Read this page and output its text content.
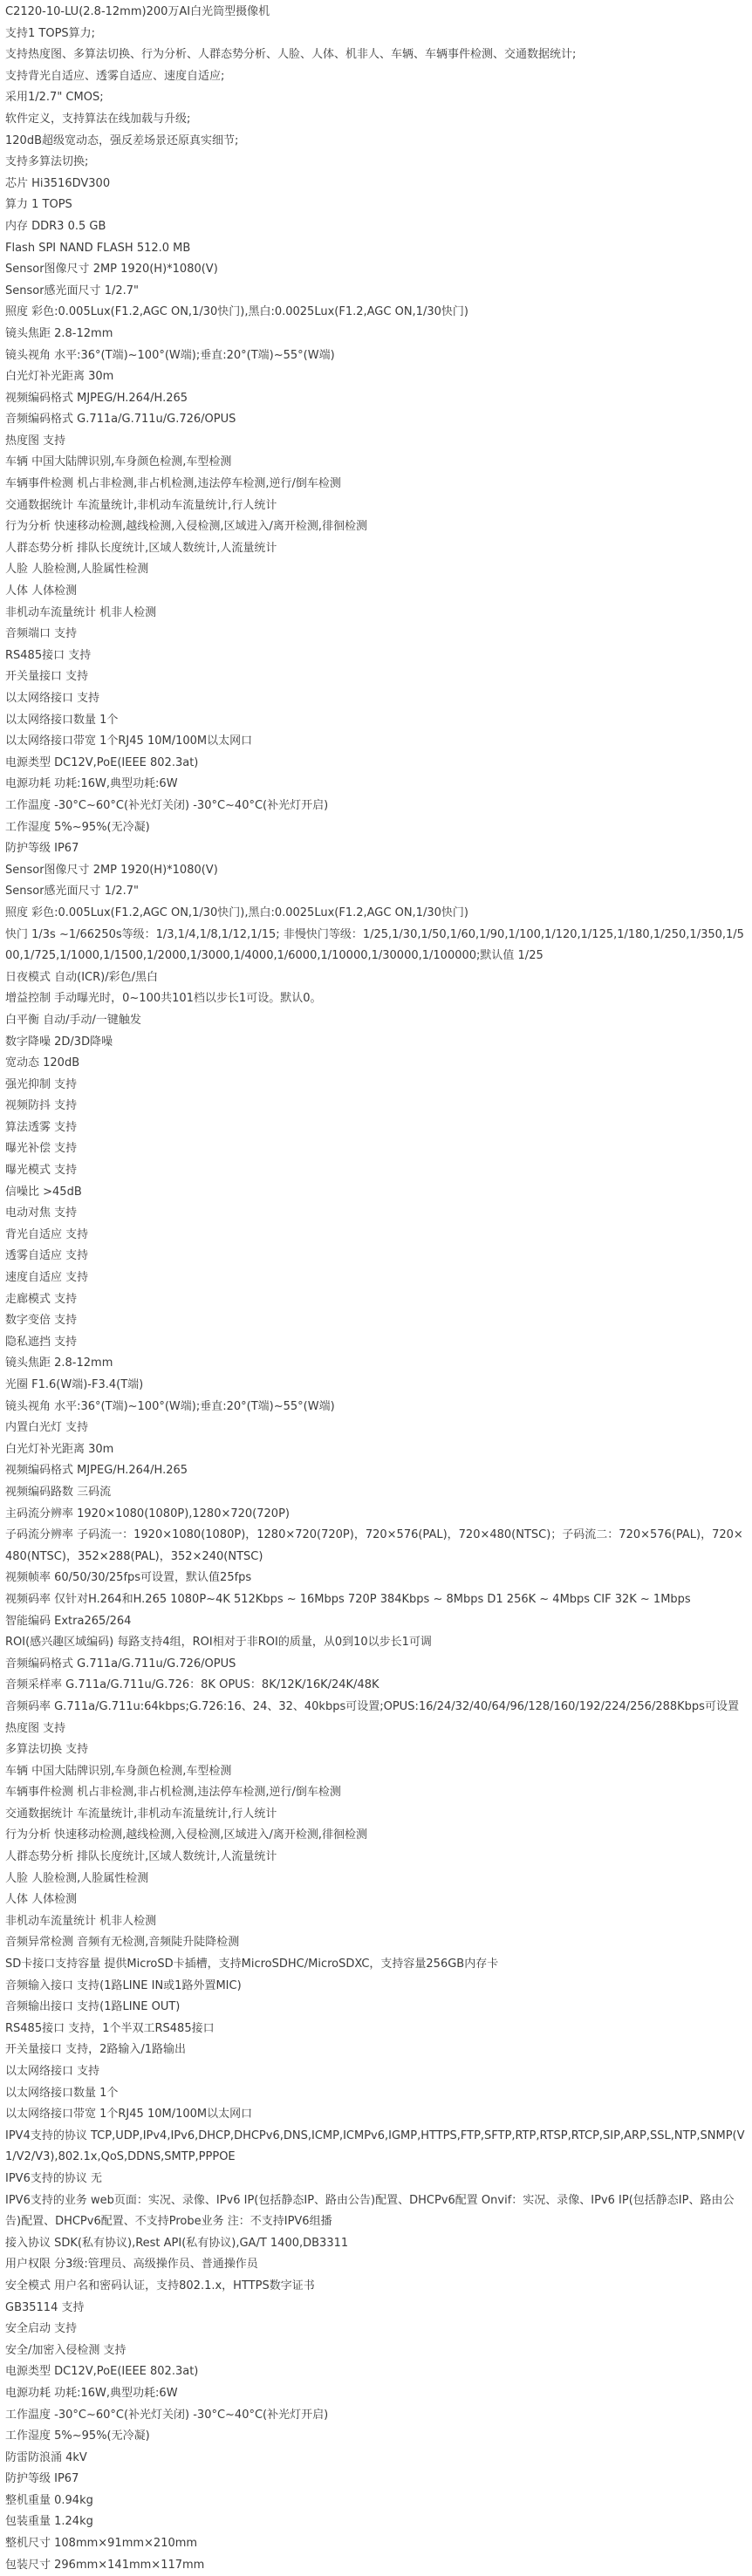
C2120-10-LU(2.8-12mm)200万AI白光筒型摄像机

支持1 TOPS算力;

支持热度图、多算法切换、行为分析、人群态势分析、人脸、人体、机非人、车辆、车辆事件检测、交通数据统计;

支持背光自适应、透雾自适应、速度自适应;

采用1/2.7" CMOS;

软件定义，支持算法在线加载与升级;

120dB超级宽动态，强反差场景还原真实细节;

支持多算法切换;

芯片 Hi3516DV300

算力 1 TOPS

内存 DDR3 0.5 GB

Flash SPI NAND FLASH 512.0 MB

Sensor图像尺寸 2MP 1920(H)*1080(V)

Sensor感光面尺寸 1/2.7"

照度 彩色:0.005Lux(F1.2,AGC ON,1/30快门),黑白:0.0025Lux(F1.2,AGC ON,1/30快门)

镜头焦距 2.8-12mm

镜头视角 水平:36°(T端)~100°(W端);垂直:20°(T端)~55°(W端)

白光灯补光距离 30m

视频编码格式 MJPEG/H.264/H.265

音频编码格式 G.711a/G.711u/G.726/OPUS

热度图 支持

车辆 中国大陆牌识别,车身颜色检测,车型检测

车辆事件检测 机占非检测,非占机检测,违法停车检测,逆行/倒车检测

交通数据统计 车流量统计,非机动车流量统计,行人统计

行为分析 快速移动检测,越线检测,入侵检测,区域进入/离开检测,徘徊检测

人群态势分析 排队长度统计,区域人数统计,人流量统计

人脸 人脸检测,人脸属性检测

人体 人体检测

非机动车流量统计 机非人检测

音频端口 支持

RS485接口 支持

开关量接口 支持

以太网络接口 支持

以太网络接口数量 1个

以太网络接口带宽 1个RJ45 10M/100M以太网口

电源类型 DC12V,PoE(IEEE 802.3at)

电源功耗 功耗:16W,典型功耗:6W

工作温度 -30°C~60°C(补光灯关闭) -30°C~40°C(补光灯开启)

工作湿度 5%~95%(无冷凝)

防护等级 IP67

Sensor图像尺寸 2MP 1920(H)*1080(V)

Sensor感光面尺寸 1/2.7"

照度 彩色:0.005Lux(F1.2,AGC ON,1/30快门),黑白:0.0025Lux(F1.2,AGC ON,1/30快门)

快门 1/3s ~1/66250s等级：1/3,1/4,1/8,1/12,1/15; 非慢快门等级：1/25,1/30,1/50,1/60,1/90,1/100,1/120,1/125,1/180,1/250,1/350,1/500,1/725,1/1000,1/1500,1/2000,1/3000,1/4000,1/6000,1/10000,1/30000,1/100000;默认值 1/25

日夜模式 自动(ICR)/彩色/黑白

增益控制 手动曝光时，0~100共101档以步长1可设。默认0。

白平衡 自动/手动/一键触发

数字降噪 2D/3D降噪

宽动态 120dB

强光抑制 支持

视频防抖 支持

算法透雾 支持

曝光补偿 支持

曝光模式 支持

信噪比 >45dB

电动对焦 支持

背光自适应 支持

透雾自适应 支持

速度自适应 支持

走廊模式 支持

数字变倍 支持

隐私遮挡 支持

镜头焦距 2.8-12mm

光圈 F1.6(W端)-F3.4(T端)

镜头视角 水平:36°(T端)~100°(W端);垂直:20°(T端)~55°(W端)

内置白光灯 支持

白光灯补光距离 30m

视频编码格式 MJPEG/H.264/H.265

视频编码路数 三码流

主码流分辨率 1920×1080(1080P),1280×720(720P)

子码流分辨率 子码流一：1920×1080(1080P)，1280×720(720P)，720×576(PAL)，720×480(NTSC)；子码流二：720×576(PAL)，720×480(NTSC)，352×288(PAL)，352×240(NTSC)

视频帧率 60/50/30/25fps可设置，默认值25fps

视频码率 仅针对H.264和H.265 1080P~4K 512Kbps ~ 16Mbps 720P 384Kbps ~ 8Mbps D1 256K ~ 4Mbps CIF 32K ~ 1Mbps

智能编码 Extra265/264

ROI(感兴趣区域编码) 每路支持4组，ROI相对于非ROI的质量，从0到10以步长1可调

音频编码格式 G.711a/G.711u/G.726/OPUS

音频采样率 G.711a/G.711u/G.726：8K OPUS：8K/12K/16K/24K/48K

音频码率 G.711a/G.711u:64kbps;G.726:16、24、32、40kbps可设置;OPUS:16/24/32/40/64/96/128/160/192/224/256/288Kbps可设置

热度图 支持

多算法切换 支持

车辆 中国大陆牌识别,车身颜色检测,车型检测

车辆事件检测 机占非检测,非占机检测,违法停车检测,逆行/倒车检测

交通数据统计 车流量统计,非机动车流量统计,行人统计

行为分析 快速移动检测,越线检测,入侵检测,区域进入/离开检测,徘徊检测

人群态势分析 排队长度统计,区域人数统计,人流量统计

人脸 人脸检测,人脸属性检测

人体 人体检测

非机动车流量统计 机非人检测

音频异常检测 音频有无检测,音频陡升陡降检测

SD卡接口支持容量 提供MicroSD卡插槽，支持MicroSDHC/MicroSDXC，支持容量256GB内存卡

音频输入接口 支持(1路LINE IN或1路外置MIC)

音频输出接口 支持(1路LINE OUT)

RS485接口 支持，1个半双工RS485接口

开关量接口 支持，2路输入/1路输出

以太网络接口 支持

以太网络接口数量 1个

以太网络接口带宽 1个RJ45 10M/100M以太网口

IPV4支持的协议 TCP,UDP,IPv4,IPv6,DHCP,DHCPv6,DNS,ICMP,ICMPv6,IGMP,HTTPS,FTP,SFTP,RTP,RTSP,RTCP,SIP,ARP,SSL,NTP,SNMP(V1/V2/V3),802.1x,QoS,DDNS,SMTP,PPPOE

IPV6支持的协议 无

IPV6支持的业务 web页面：实况、录像、IPv6 IP(包括静态IP、路由公告)配置、DHCPv6配置 Onvif：实况、录像、IPv6 IP(包括静态IP、路由公告)配置、DHCPv6配置、不支持Probe业务 注：不支持IPV6组播

接入协议 SDK(私有协议),Rest API(私有协议),GA/T 1400,DB3311

用户权限 分3级:管理员、高级操作员、普通操作员

安全模式 用户名和密码认证，支持802.1.x，HTTPS数字证书

GB35114 支持

安全启动 支持

安全/加密入侵检测 支持

电源类型 DC12V,PoE(IEEE 802.3at)

电源功耗 功耗:16W,典型功耗:6W

工作温度 -30°C~60°C(补光灯关闭) -30°C~40°C(补光灯开启)

工作湿度 5%~95%(无冷凝)

防雷防浪涌 4kV

防护等级 IP67

整机重量 0.94kg

包装重量 1.24kg

整机尺寸 108mm×91mm×210mm

包装尺寸 296mm×141mm×117mm
